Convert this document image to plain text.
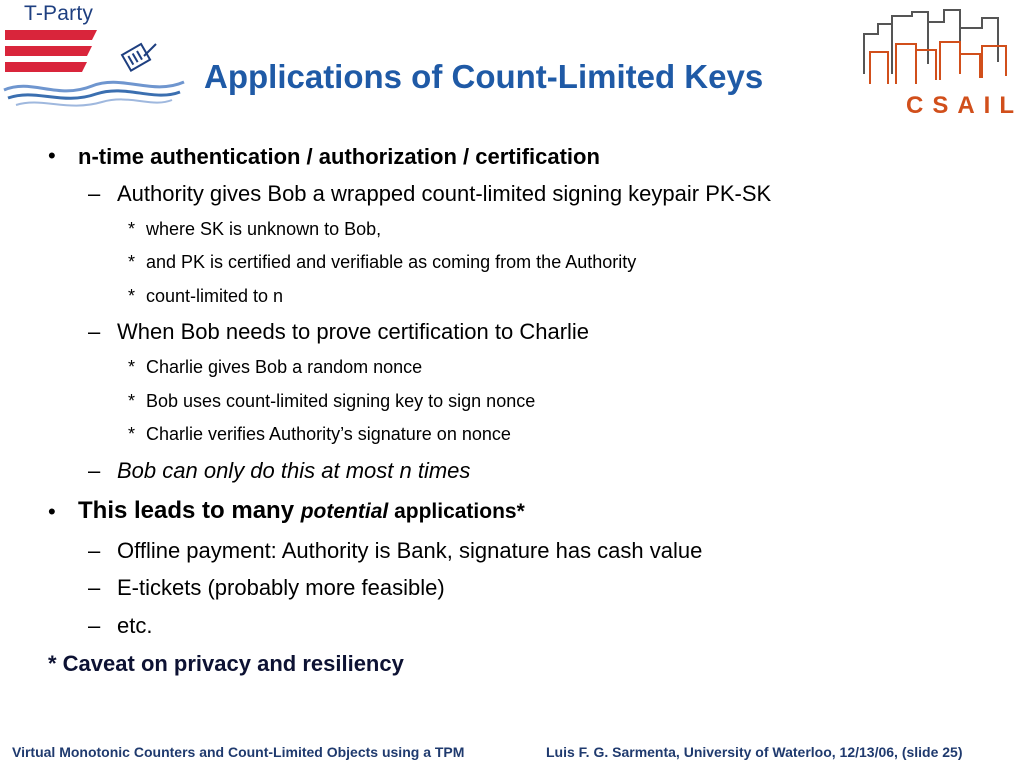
T-Party
CSAIL
Applications of Count-Limited Keys
• n-time authentication / authorization / certification
– Authority gives Bob a wrapped count-limited signing keypair PK-SK
* where SK is unknown to Bob,
* and PK is certified and verifiable as coming from the Authority
* count-limited to n
– When Bob needs to prove certification to Charlie
* Charlie gives Bob a random nonce
* Bob uses count-limited signing key to sign nonce
* Charlie verifies Authority’s signature on nonce
– Bob can only do this at most n times
• This leads to many potential applications*
– Offline payment: Authority is Bank, signature has cash value
– E-tickets (probably more feasible)
– etc.
* Caveat on privacy and resiliency
Virtual Monotonic Counters and Count-Limited Objects using a TPM	Luis F. G. Sarmenta, University of Waterloo, 12/13/06, (slide 25)
